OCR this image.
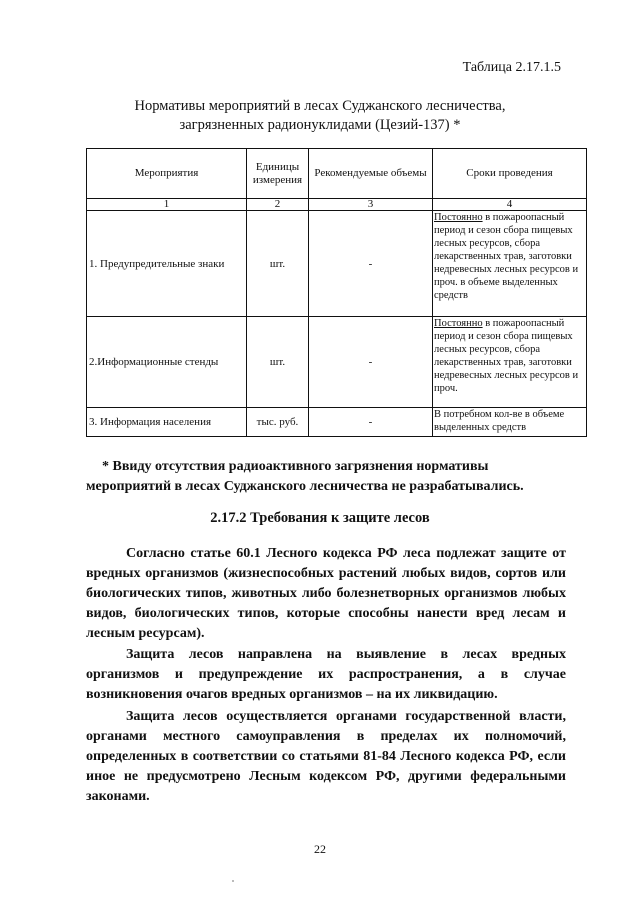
Таблица 2.17.1.5
Нормативы мероприятий в лесах Суджанского лесничества,
загрязненных радионуклидами (Цезий-137) *
Мероприятия	Единицы измерения	Рекомендуемые объемы	Сроки проведения
1	2	3	4
1. Предупредительные знаки	шт.	-	Постоянно в пожароопасный период и сезон сбора пищевых лесных ресурсов, сбора лекарственных трав, заготовки недревесных лесных ресурсов и проч. в объеме выделенных средств
2.Информационные стенды	шт.	-	Постоянно в пожароопасный период и сезон сбора пищевых лесных ресурсов, сбора лекарственных трав, заготовки недревесных лесных ресурсов и проч.
3. Информация населения	тыс. руб.	-	В потребном кол-ве в объеме выделенных средств
* Ввиду отсутствия радиоактивного загрязнения нормативы мероприятий в лесах Суджанского лесничества не разрабатывались.
2.17.2 Требования к защите лесов
Согласно статье 60.1 Лесного кодекса РФ леса подлежат защите от вредных организмов (жизнеспособных растений любых видов, сортов или биологических типов, животных либо болезнетворных организмов любых видов, биологических типов, которые способны нанести вред лесам и лесным ресурсам).
Защита лесов направлена на выявление в лесах вредных организмов и предупреждение их распространения, а в случае возникновения очагов вредных организмов – на их ликвидацию.
Защита лесов осуществляется органами государственной власти, органами местного самоуправления в пределах их полномочий, определенных в соответствии со статьями 81-84 Лесного кодекса РФ, если иное не предусмотрено Лесным кодексом РФ, другими федеральными законами.
22
